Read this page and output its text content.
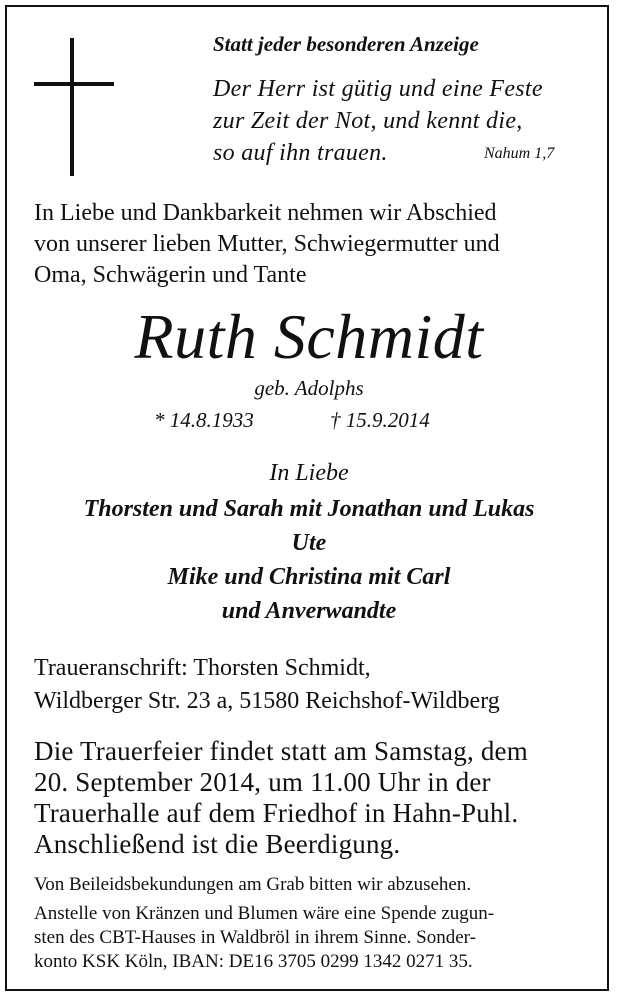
Statt jeder besonderen Anzeige
Der Herr ist gütig und eine Feste
zur Zeit der Not, und kennt die,
so auf ihn trauen.	Nahum 1,7
In Liebe und Dankbarkeit nehmen wir Abschied
von unserer lieben Mutter, Schwiegermutter und
Oma, Schwägerin und Tante
Ruth Schmidt
geb. Adolphs
* 14.8.1933	† 15.9.2014
In Liebe
Thorsten und Sarah mit Jonathan und Lukas
Ute
Mike und Christina mit Carl
und Anverwandte
Traueranschrift: Thorsten Schmidt,
Wildberger Str. 23 a, 51580 Reichshof-Wildberg
Die Trauerfeier findet statt am Samstag, dem
20. September 2014, um 11.00 Uhr in der
Trauerhalle auf dem Friedhof in Hahn-Puhl.
Anschließend ist die Beerdigung.
Von Beileidsbekundungen am Grab bitten wir abzusehen.
Anstelle von Kränzen und Blumen wäre eine Spende zugun-
sten des CBT-Hauses in Waldbröl in ihrem Sinne. Sonder-
konto KSK Köln, IBAN: DE16 3705 0299 1342 0271 35.
